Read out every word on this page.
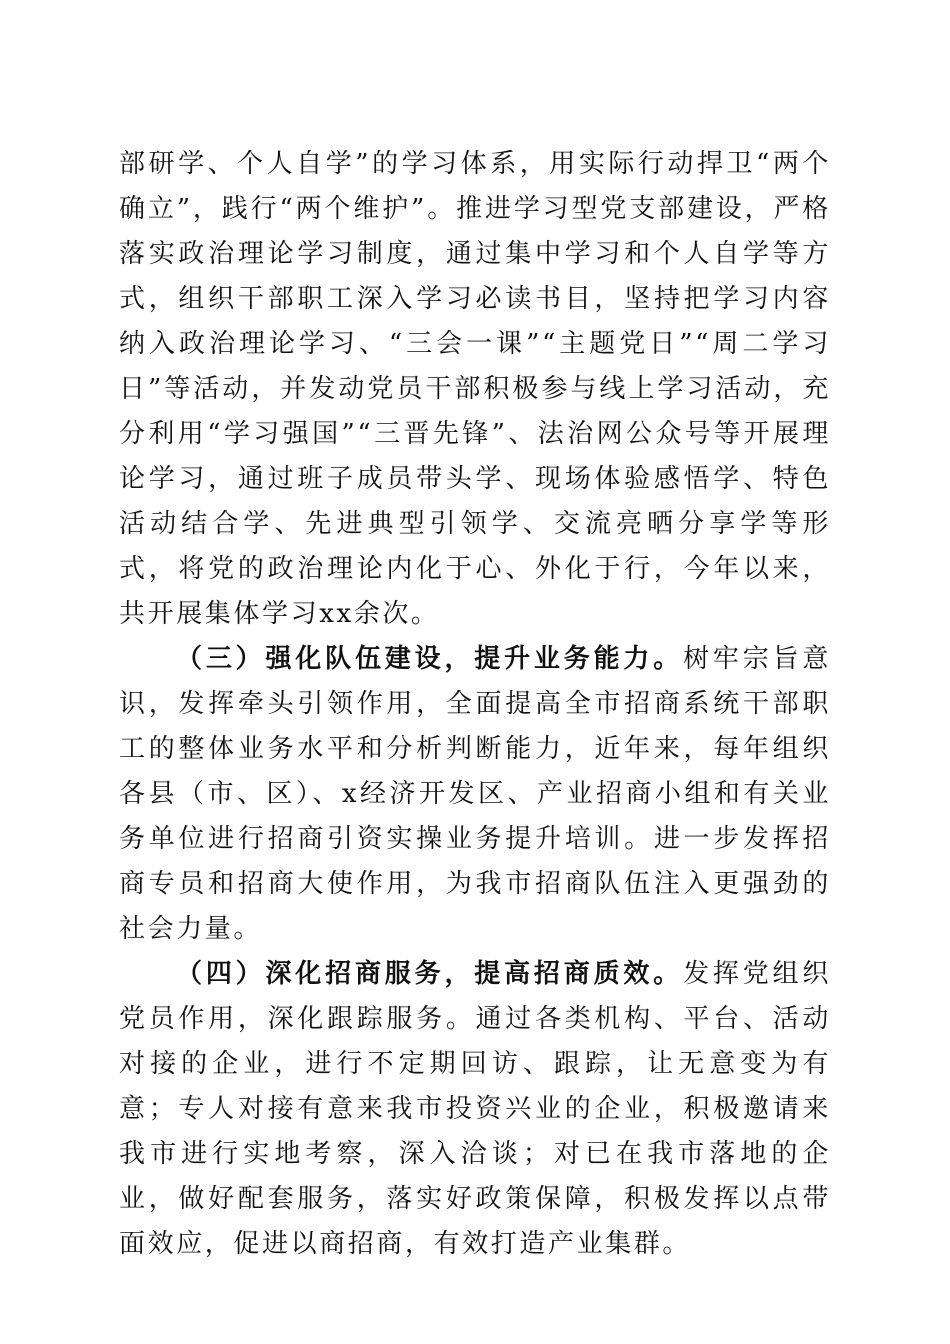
部研学、个人自学”的学习体系，用实际行动捍卫“两个确立”，践行“两个维护”。推进学习型党支部建设，严格落实政治理论学习制度，通过集中学习和个人自学等方式，组织干部职工深入学习必读书目，坚持把学习内容纳入政治理论学习、“三会一课”“主题党日”“周二学习日”等活动，并发动党员干部积极参与线上学习活动，充分利用“学习强国”“三晋先锋”、法治网公众号等开展理论学习，通过班子成员带头学、现场体验感悟学、特色活动结合学、先进典型引领学、交流亮晒分享学等形式，将党的政治理论内化于心、外化于行，今年以来，共开展集体学习xx余次。

（三）强化队伍建设，提升业务能力。树牢宗旨意识，发挥牵头引领作用，全面提高全市招商系统干部职工的整体业务水平和分析判断能力，近年来，每年组织各县（市、区）、x经济开发区、产业招商小组和有关业务单位进行招商引资实操业务提升培训。进一步发挥招商专员和招商大使作用，为我市招商队伍注入更强劲的社会力量。

（四）深化招商服务，提高招商质效。发挥党组织党员作用，深化跟踪服务。通过各类机构、平台、活动对接的企业，进行不定期回访、跟踪，让无意变为有意；专人对接有意来我市投资兴业的企业，积极邀请来我市进行实地考察，深入洽谈；对已在我市落地的企业，做好配套服务，落实好政策保障，积极发挥以点带面效应，促进以商招商，有效打造产业集群。
